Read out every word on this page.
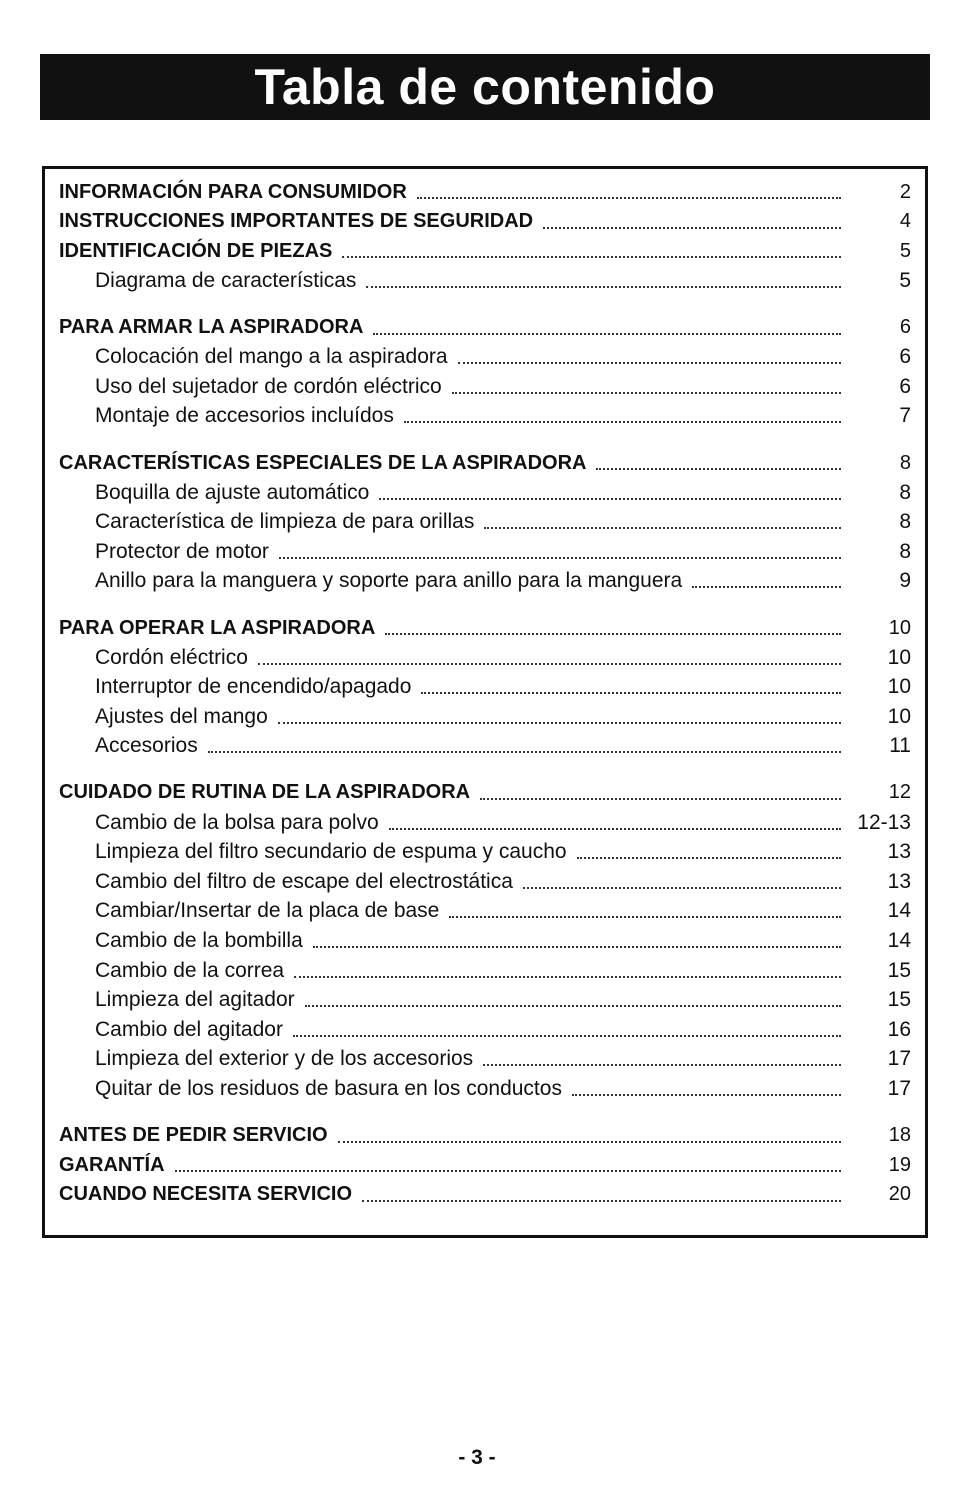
Tabla de contenido
INFORMACIÓN PARA CONSUMIDOR	2
INSTRUCCIONES IMPORTANTES DE SEGURIDAD	4
IDENTIFICACIÓN DE PIEZAS	5
Diagrama de características	5
PARA ARMAR LA ASPIRADORA	6
Colocación del mango a la aspiradora	6
Uso del sujetador de cordón eléctrico	6
Montaje de accesorios incluídos	7
CARACTERÍSTICAS ESPECIALES DE LA ASPIRADORA	8
Boquilla de ajuste automático	8
Característica de limpieza de para orillas	8
Protector de motor	8
Anillo para la manguera y soporte para anillo para la manguera	9
PARA OPERAR LA ASPIRADORA	10
Cordón eléctrico	10
Interruptor de encendido/apagado	10
Ajustes del mango	10
Accesorios	11
CUIDADO DE RUTINA DE LA ASPIRADORA	12
Cambio de la bolsa para polvo	12-13
Limpieza del filtro secundario de espuma y caucho	13
Cambio del filtro de escape del electrostática	13
Cambiar/Insertar de la placa de base	14
Cambio de la bombilla	14
Cambio de la correa	15
Limpieza del agitador	15
Cambio del agitador	16
Limpieza del exterior y de los accesorios	17
Quitar de los residuos de basura en los conductos	17
ANTES DE PEDIR SERVICIO	18
GARANTÍA	19
CUANDO NECESITA SERVICIO	20
- 3 -
